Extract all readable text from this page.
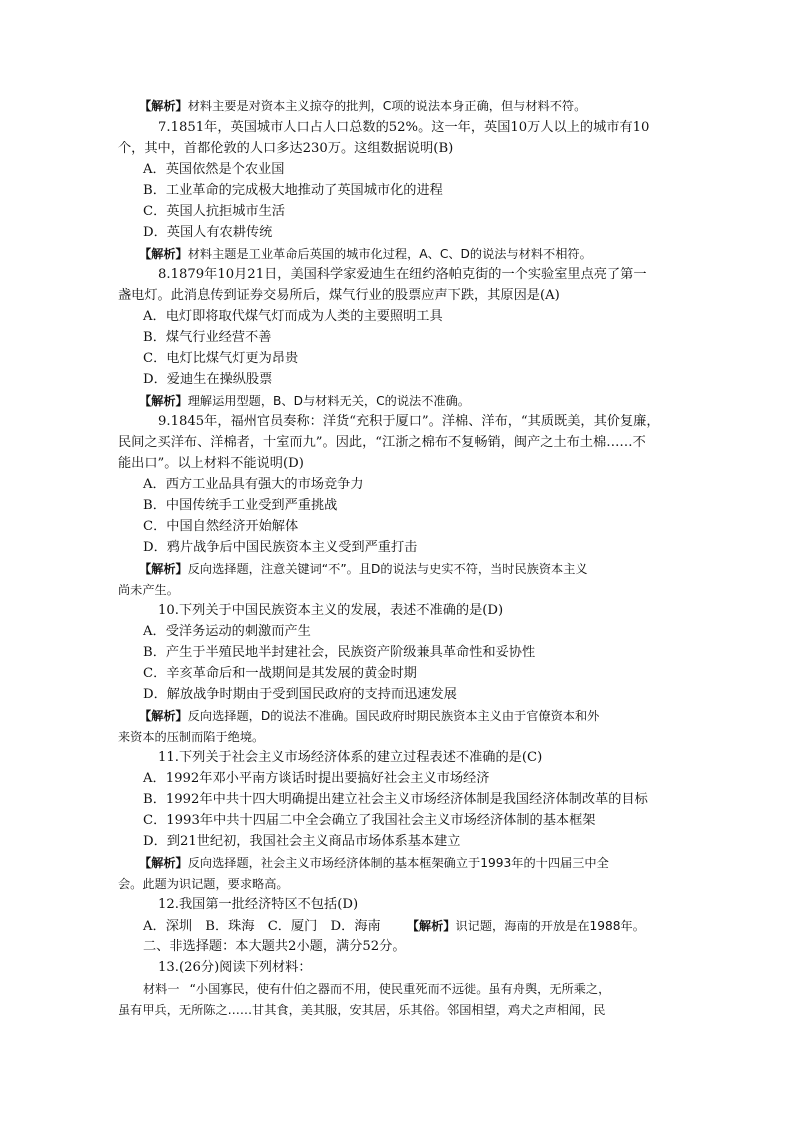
【解析】材料主要是对资本主义掠夺的批判，C项的说法本身正确，但与材料不符。
7.1851年，英国城市人口占人口总数的52%。这一年，英国10万人以上的城市有10
个，其中，首都伦敦的人口多达230万。这组数据说明(B)
A．英国依然是个农业国
B．工业革命的完成极大地推动了英国城市化的进程
C．英国人抗拒城市生活
D．英国人有农耕传统
【解析】材料主题是工业革命后英国的城市化过程，A、C、D的说法与材料不相符。
8.1879年10月21日，美国科学家爱迪生在纽约洛帕克街的一个实验室里点亮了第一
盏电灯。此消息传到证券交易所后，煤气行业的股票应声下跌，其原因是(A)
A．电灯即将取代煤气灯而成为人类的主要照明工具
B．煤气行业经营不善
C．电灯比煤气灯更为昂贵
D．爱迪生在操纵股票
【解析】理解运用型题，B、D与材料无关，C的说法不准确。
9.1845年，福州官员奏称：洋货“充积于厦口”。洋棉、洋布，“其质既美，其价复廉，
民间之买洋布、洋棉者，十室而九”。因此，“江浙之棉布不复畅销，闽产之土布土棉……不
能出口”。以上材料不能说明(D)
A．西方工业品具有强大的市场竞争力
B．中国传统手工业受到严重挑战
C．中国自然经济开始解体
D．鸦片战争后中国民族资本主义受到严重打击
【解析】反向选择题，注意关键词“不”。且D的说法与史实不符，当时民族资本主义
尚未产生。
10.下列关于中国民族资本主义的发展，表述不准确的是(D)
A．受洋务运动的刺激而产生
B．产生于半殖民地半封建社会，民族资产阶级兼具革命性和妥协性
C．辛亥革命后和一战期间是其发展的黄金时期
D．解放战争时期由于受到国民政府的支持而迅速发展
【解析】反向选择题，D的说法不准确。国民政府时期民族资本主义由于官僚资本和外
来资本的压制而陷于绝境。
11.下列关于社会主义市场经济体系的建立过程表述不准确的是(C)
A．1992年邓小平南方谈话时提出要搞好社会主义市场经济
B．1992年中共十四大明确提出建立社会主义市场经济体制是我国经济体制改革的目标
C．1993年中共十四届二中全会确立了我国社会主义市场经济体制的基本框架
D．到21世纪初，我国社会主义商品市场体系基本建立
【解析】反向选择题，社会主义市场经济体制的基本框架确立于1993年的十四届三中全
会。此题为识记题，要求略高。
12.我国第一批经济特区不包括(D)
A．深圳　B．珠海　C．厦门　D．海南 【解析】识记题，海南的开放是在1988年。
二、非选择题：本大题共2小题，满分52分。
13.(26分)阅读下列材料：
材料一 “小国寡民，使有什伯之器而不用，使民重死而不远徙。虽有舟舆，无所乘之，
虽有甲兵，无所陈之……甘其食，美其服，安其居，乐其俗。邻国相望，鸡犬之声相闻，民
